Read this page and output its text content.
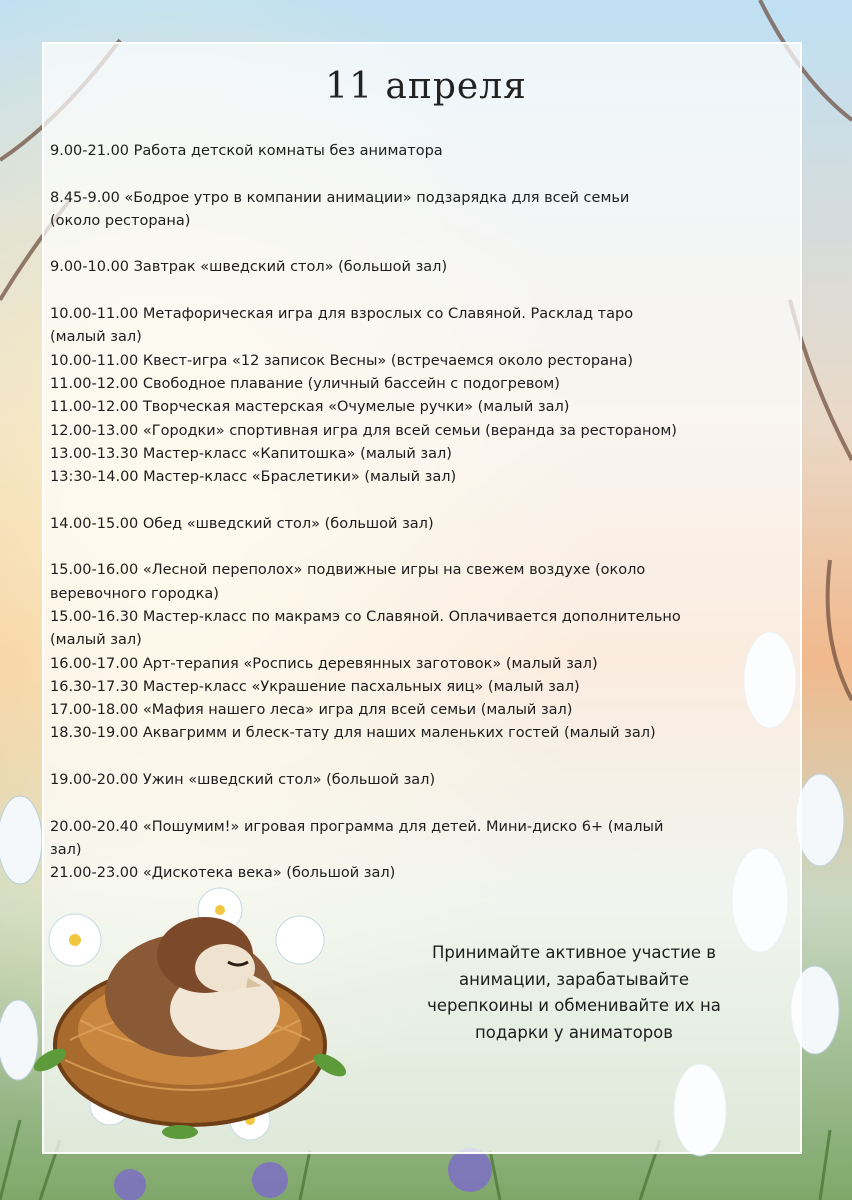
11 апреля
9.00-21.00 Работа детской комнаты без аниматора
8.45-9.00 «Бодрое утро в компании анимации» подзарядка для всей семьи
(около ресторана)
9.00-10.00 Завтрак «шведский стол» (большой зал)
10.00-11.00 Метафорическая игра для взрослых со Славяной. Расклад таро
(малый зал)
10.00-11.00 Квест-игра «12 записок Весны» (встречаемся около ресторана)
11.00-12.00 Свободное плавание (уличный бассейн с подогревом)
11.00-12.00 Творческая мастерская «Очумелые ручки» (малый зал)
12.00-13.00 «Городки» спортивная игра для всей семьи (веранда за рестораном)
13.00-13.30 Мастер-класс «Капитошка» (малый зал)
13:30-14.00 Мастер-класс «Браслетики» (малый зал)
14.00-15.00 Обед «шведский стол» (большой зал)
15.00-16.00 «Лесной переполох» подвижные игры на свежем воздухе (около
веревочного городка)
15.00-16.30 Мастер-класс по макрамэ со Славяной. Оплачивается дополнительно
(малый зал)
16.00-17.00 Арт-терапия «Роспись деревянных заготовок» (малый зал)
16.30-17.30 Мастер-класс «Украшение пасхальных яиц» (малый зал)
17.00-18.00 «Мафия нашего леса» игра для всей семьи (малый зал)
18.30-19.00 Аквагримм и блеск-тату для наших маленьких гостей (малый зал)
19.00-20.00 Ужин «шведский стол» (большой зал)
20.00-20.40 «Пошумим!» игровая программа для детей. Мини-диско 6+ (малый
зал)
21.00-23.00 «Дискотека века» (большой зал)
Принимайте активное участие в
анимации, зарабатывайте
черепкоины и обменивайте их на
подарки у аниматоров
